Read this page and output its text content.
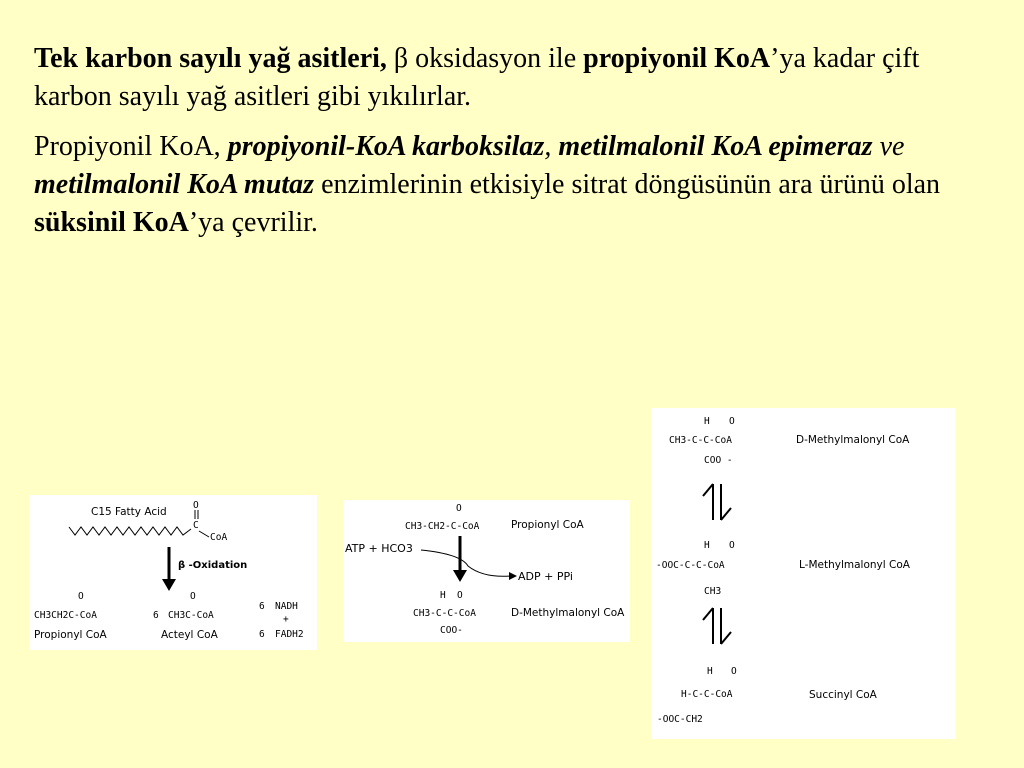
Tek karbon sayılı yağ asitleri, β oksidasyon ile propiyonil KoA’ya kadar çift karbon sayılı yağ asitleri gibi yıkılırlar.

Propiyonil KoA, propiyonil-KoA karboksilaz, metilmalonil KoA epimeraz ve metilmalonil KoA mutaz enzimlerinin etkisiyle sitrat döngüsünün ara ürünü olan süksinil KoA’ya çevrilir.

C15 Fatty Acid
O
C
CoA
β -Oxidation
O
CH3CH2C-CoA
Propionyl CoA
6
O
CH3C-CoA
Acteyl CoA
6 NADH
+
6 FADH2
O
CH3-CH2-C-CoA	Propionyl CoA
ATP + HCO3
ADP + PPi
H O
CH3-C-C-CoA
COO-
D-Methylmalonyl CoA
H O
CH3-C-C-CoA
COO -
D-Methylmalonyl CoA
H O
-OOC-C-C-CoA
CH3
L-Methylmalonyl CoA
H O
H-C-C-CoA
-OOC-CH2
Succinyl CoA
